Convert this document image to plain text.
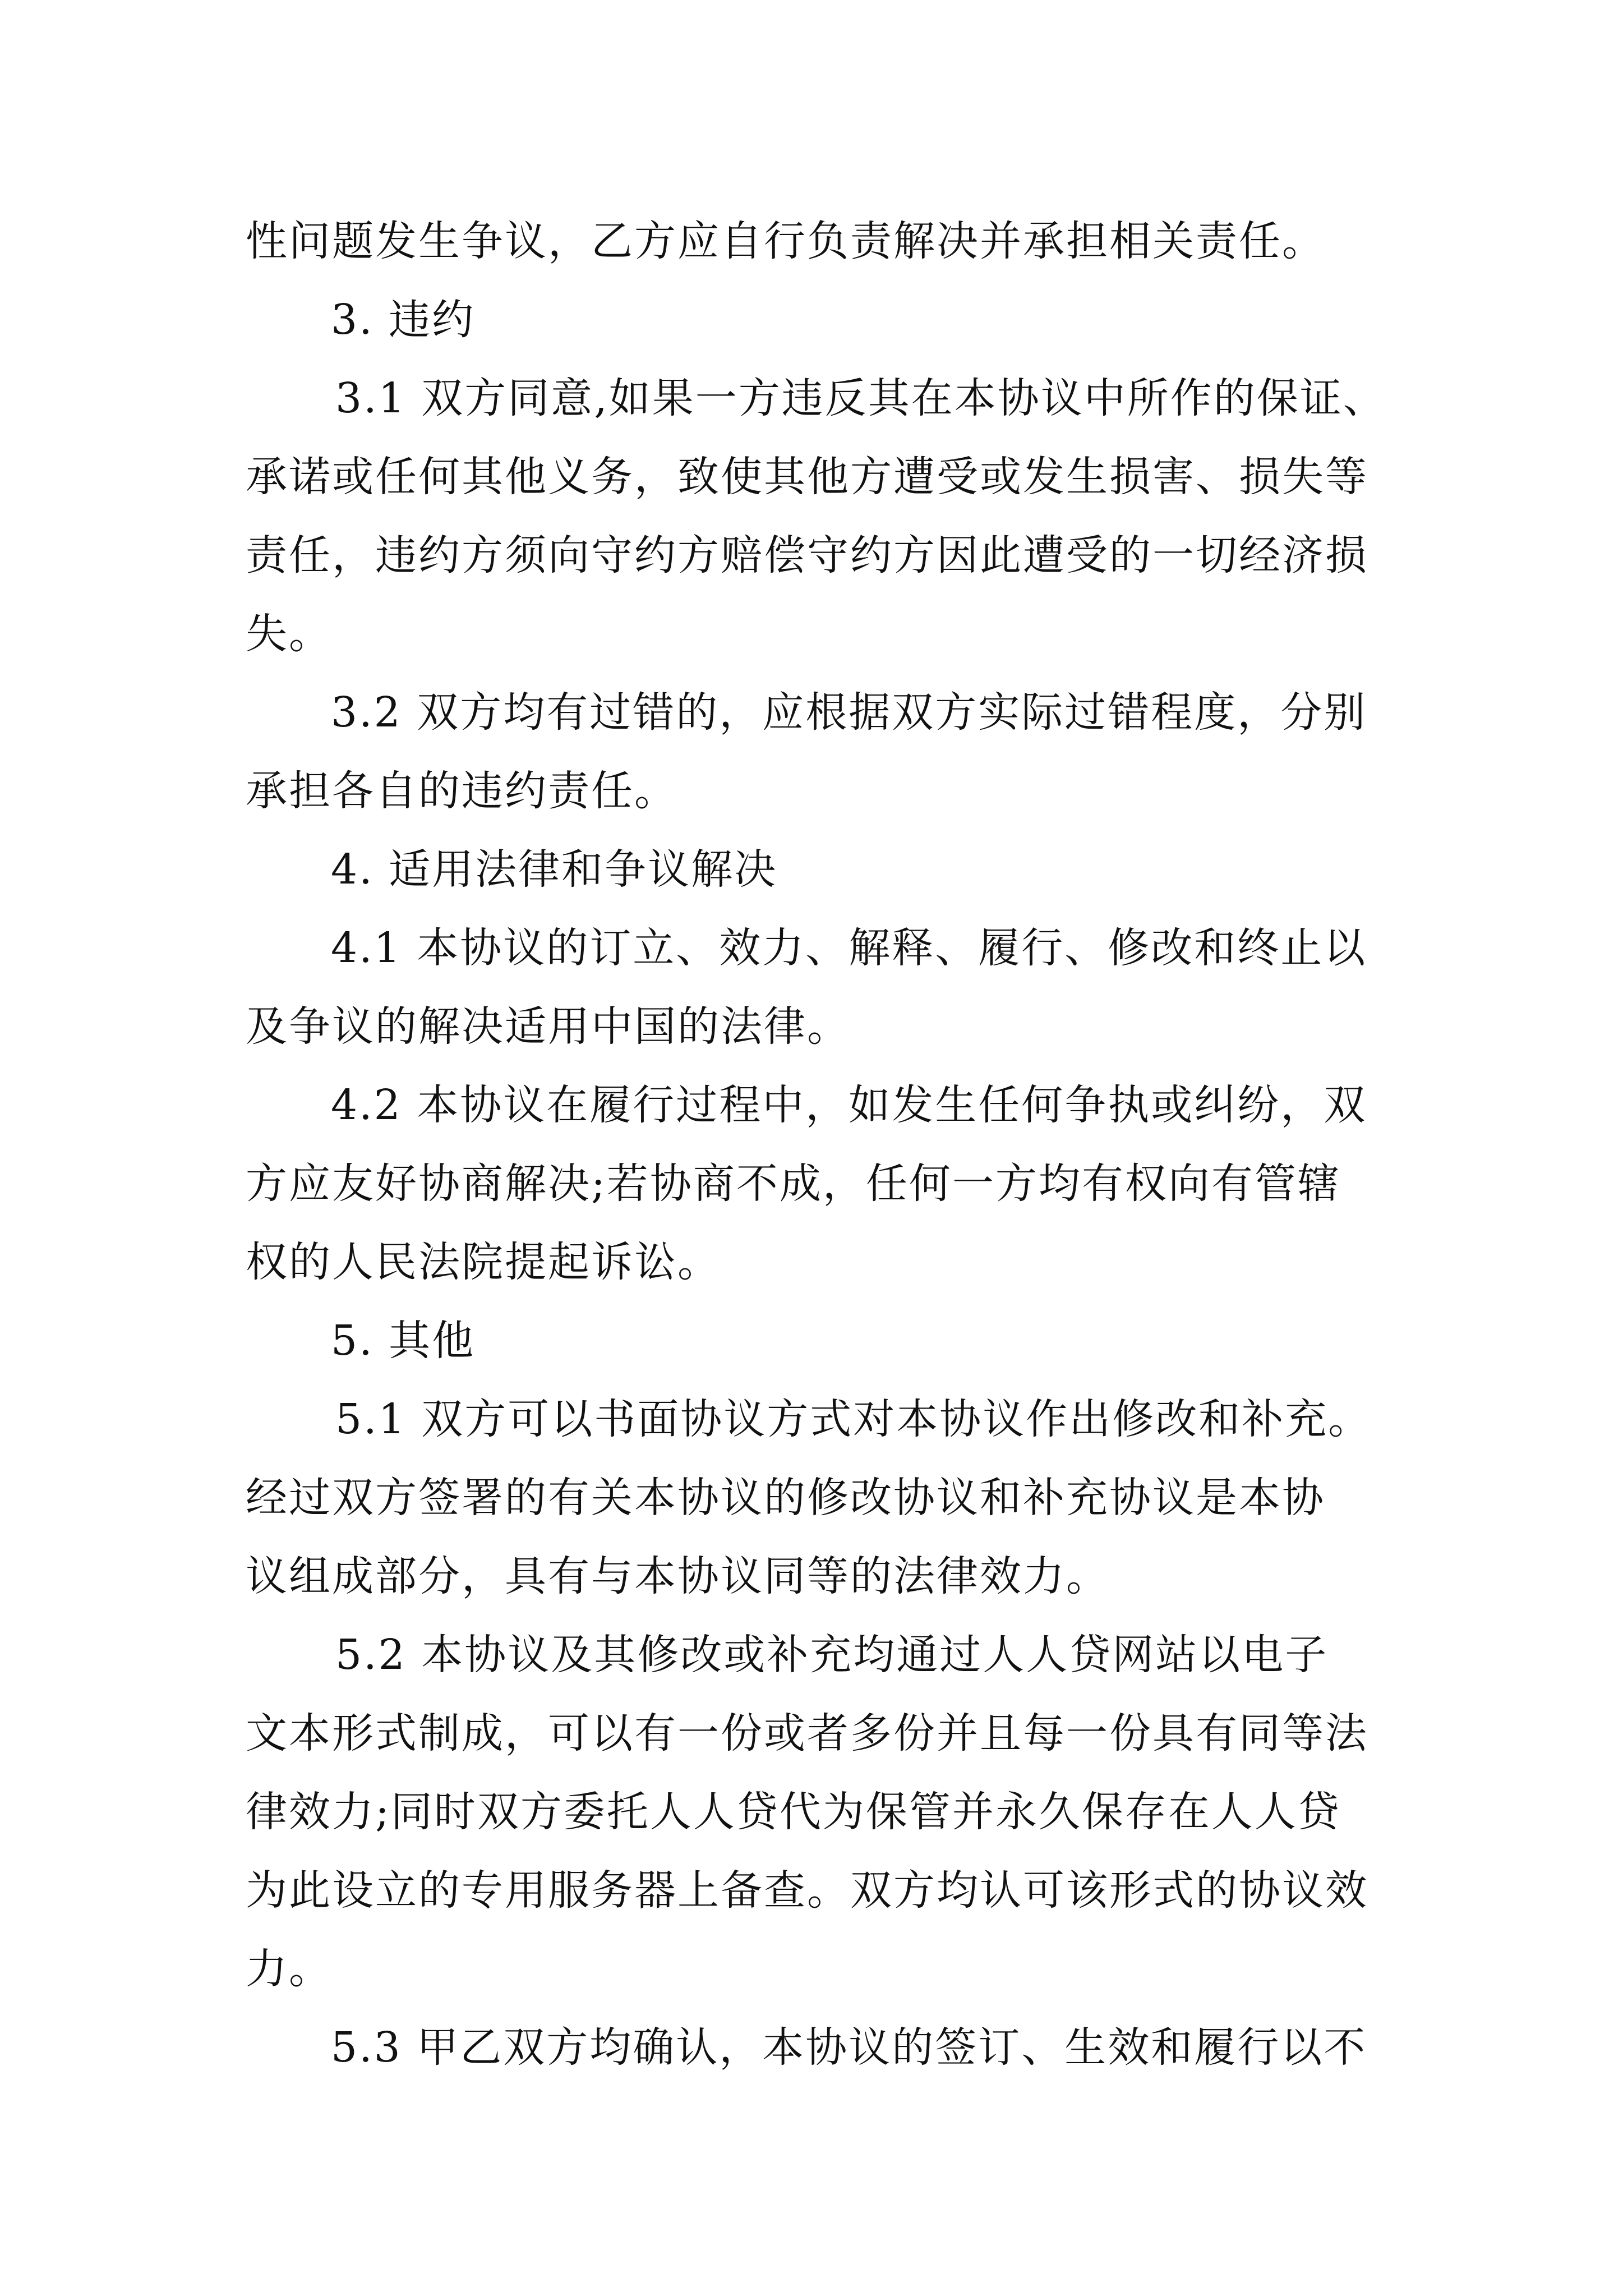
性问题发生争议，乙方应自行负责解决并承担相关责任。
3. 违约
3.1 双方同意,如果一方违反其在本协议中所作的保证、
承诺或任何其他义务，致使其他方遭受或发生损害、损失等
责任，违约方须向守约方赔偿守约方因此遭受的一切经济损
失。
3.2 双方均有过错的，应根据双方实际过错程度，分别
承担各自的违约责任。
4. 适用法律和争议解决
4.1 本协议的订立、效力、解释、履行、修改和终止以
及争议的解决适用中国的法律。
4.2 本协议在履行过程中，如发生任何争执或纠纷，双
方应友好协商解决;若协商不成，任何一方均有权向有管辖
权的人民法院提起诉讼。
5. 其他
5.1 双方可以书面协议方式对本协议作出修改和补充。
经过双方签署的有关本协议的修改协议和补充协议是本协
议组成部分，具有与本协议同等的法律效力。
5.2 本协议及其修改或补充均通过人人贷网站以电子
文本形式制成，可以有一份或者多份并且每一份具有同等法
律效力;同时双方委托人人贷代为保管并永久保存在人人贷
为此设立的专用服务器上备查。双方均认可该形式的协议效
力。
5.3 甲乙双方均确认，本协议的签订、生效和履行以不
